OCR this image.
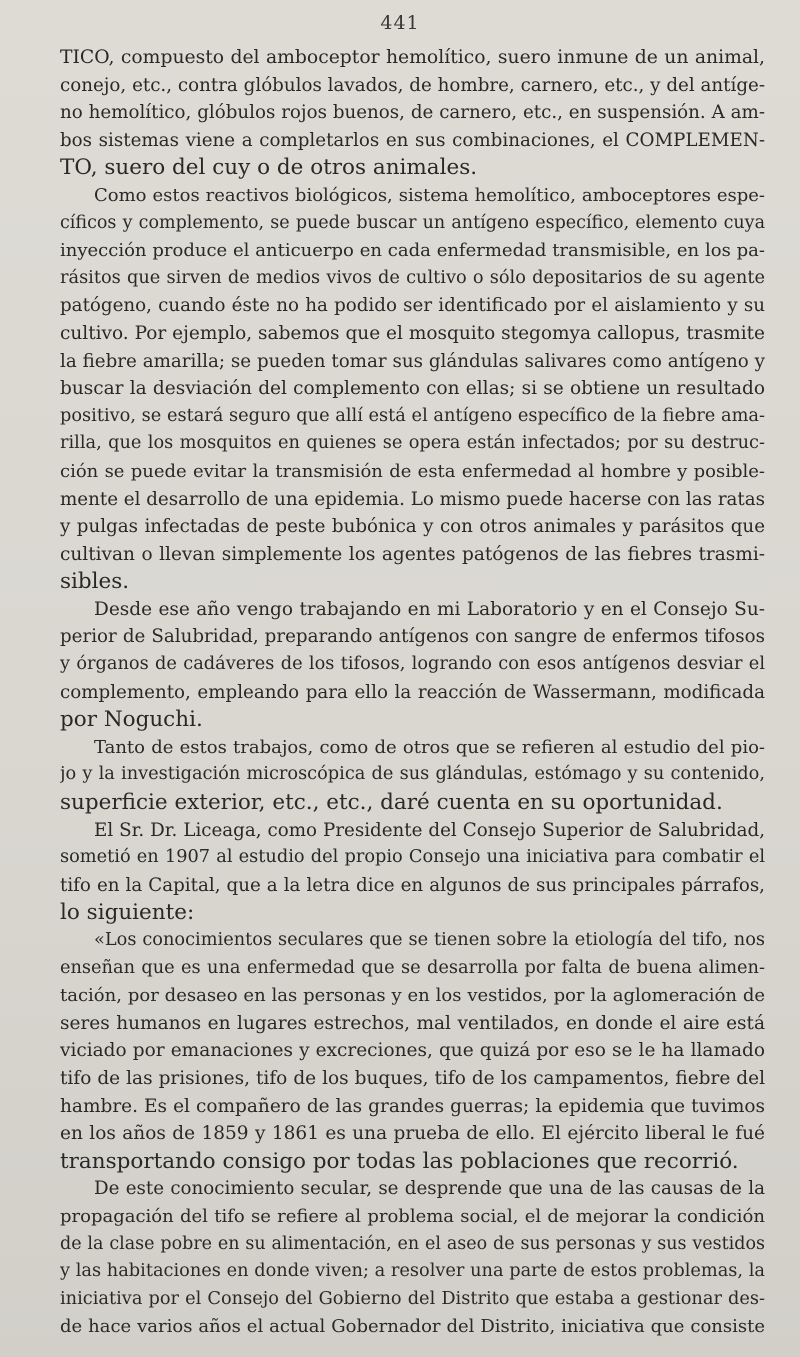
441
TICO, compuesto del amboceptor hemolítico, suero inmune de un animal,
conejo, etc., contra glóbulos lavados, de hombre, carnero, etc., y del antíge-
no hemolítico, glóbulos rojos buenos, de carnero, etc., en suspensión. A am-
bos sistemas viene a completarlos en sus combinaciones, el COMPLEMEN-
TO, suero del cuy o de otros animales.
Como estos reactivos biológicos, sistema hemolítico, amboceptores espe-
cíficos y complemento, se puede buscar un antígeno específico, elemento cuya
inyección produce el anticuerpo en cada enfermedad transmisible, en los pa-
rásitos que sirven de medios vivos de cultivo o sólo depositarios de su agente
patógeno, cuando éste no ha podido ser identificado por el aislamiento y su
cultivo. Por ejemplo, sabemos que el mosquito stegomya callopus, trasmite
la fiebre amarilla; se pueden tomar sus glándulas salivares como antígeno y
buscar la desviación del complemento con ellas; si se obtiene un resultado
positivo, se estará seguro que allí está el antígeno específico de la fiebre ama-
rilla, que los mosquitos en quienes se opera están infectados; por su destruc-
ción se puede evitar la transmisión de esta enfermedad al hombre y posible-
mente el desarrollo de una epidemia. Lo mismo puede hacerse con las ratas
y pulgas infectadas de peste bubónica y con otros animales y parásitos que
cultivan o llevan simplemente los agentes patógenos de las fiebres trasmi-
sibles.
Desde ese año vengo trabajando en mi Laboratorio y en el Consejo Su-
perior de Salubridad, preparando antígenos con sangre de enfermos tifosos
y órganos de cadáveres de los tifosos, logrando con esos antígenos desviar el
complemento, empleando para ello la reacción de Wassermann, modificada
por Noguchi.
Tanto de estos trabajos, como de otros que se refieren al estudio del pio-
jo y la investigación microscópica de sus glándulas, estómago y su contenido,
superficie exterior, etc., etc., daré cuenta en su oportunidad.
El Sr. Dr. Liceaga, como Presidente del Consejo Superior de Salubridad,
sometió en 1907 al estudio del propio Consejo una iniciativa para combatir el
tifo en la Capital, que a la letra dice en algunos de sus principales párrafos,
lo siguiente:
«Los conocimientos seculares que se tienen sobre la etiología del tifo, nos
enseñan que es una enfermedad que se desarrolla por falta de buena alimen-
tación, por desaseo en las personas y en los vestidos, por la aglomeración de
seres humanos en lugares estrechos, mal ventilados, en donde el aire está
viciado por emanaciones y excreciones, que quizá por eso se le ha llamado
tifo de las prisiones, tifo de los buques, tifo de los campamentos, fiebre del
hambre. Es el compañero de las grandes guerras; la epidemia que tuvimos
en los años de 1859 y 1861 es una prueba de ello. El ejército liberal le fué
transportando consigo por todas las poblaciones que recorrió.
De este conocimiento secular, se desprende que una de las causas de la
propagación del tifo se refiere al problema social, el de mejorar la condición
de la clase pobre en su alimentación, en el aseo de sus personas y sus vestidos
y las habitaciones en donde viven; a resolver una parte de estos problemas, la
iniciativa por el Consejo del Gobierno del Distrito que estaba a gestionar des-
de hace varios años el actual Gobernador del Distrito, iniciativa que consiste
